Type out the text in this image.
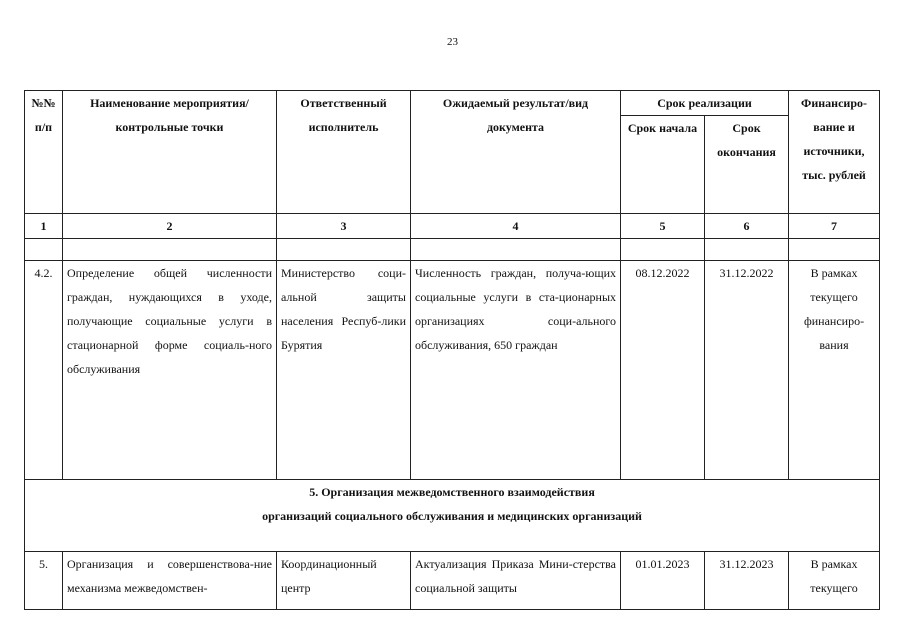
23
№№ п/п	Наименование мероприятия/ контрольные точки	Ответственный исполнитель	Ожидаемый результат/вид документа	Срок реализации		Финансиро-вание и источники, тыс. рублей
				Срок начала	Срок окончания	
1	2	3	4	5	6	7

4.2.	Определение общей численности граждан, нуждающихся в уходе, получающие социальные услуги в стационарной форме социаль-ного обслуживания	Министерство соци-альной защиты населения Респуб-лики Бурятия	Численность граждан, получа-ющих социальные услуги в ста-ционарных организациях соци-ального обслуживания, 650 граждан	08.12.2022	31.12.2022	В рамках текущего финансиро-вания

5. Организация межведомственного взаимодействия
организаций социального обслуживания и медицинских организаций						

5.	Организация и совершенствова-ние механизма межведомствен-	Координационный центр	Актуализация Приказа Мини-стерства социальной защиты	01.01.2023	31.12.2023	В рамках текущего
